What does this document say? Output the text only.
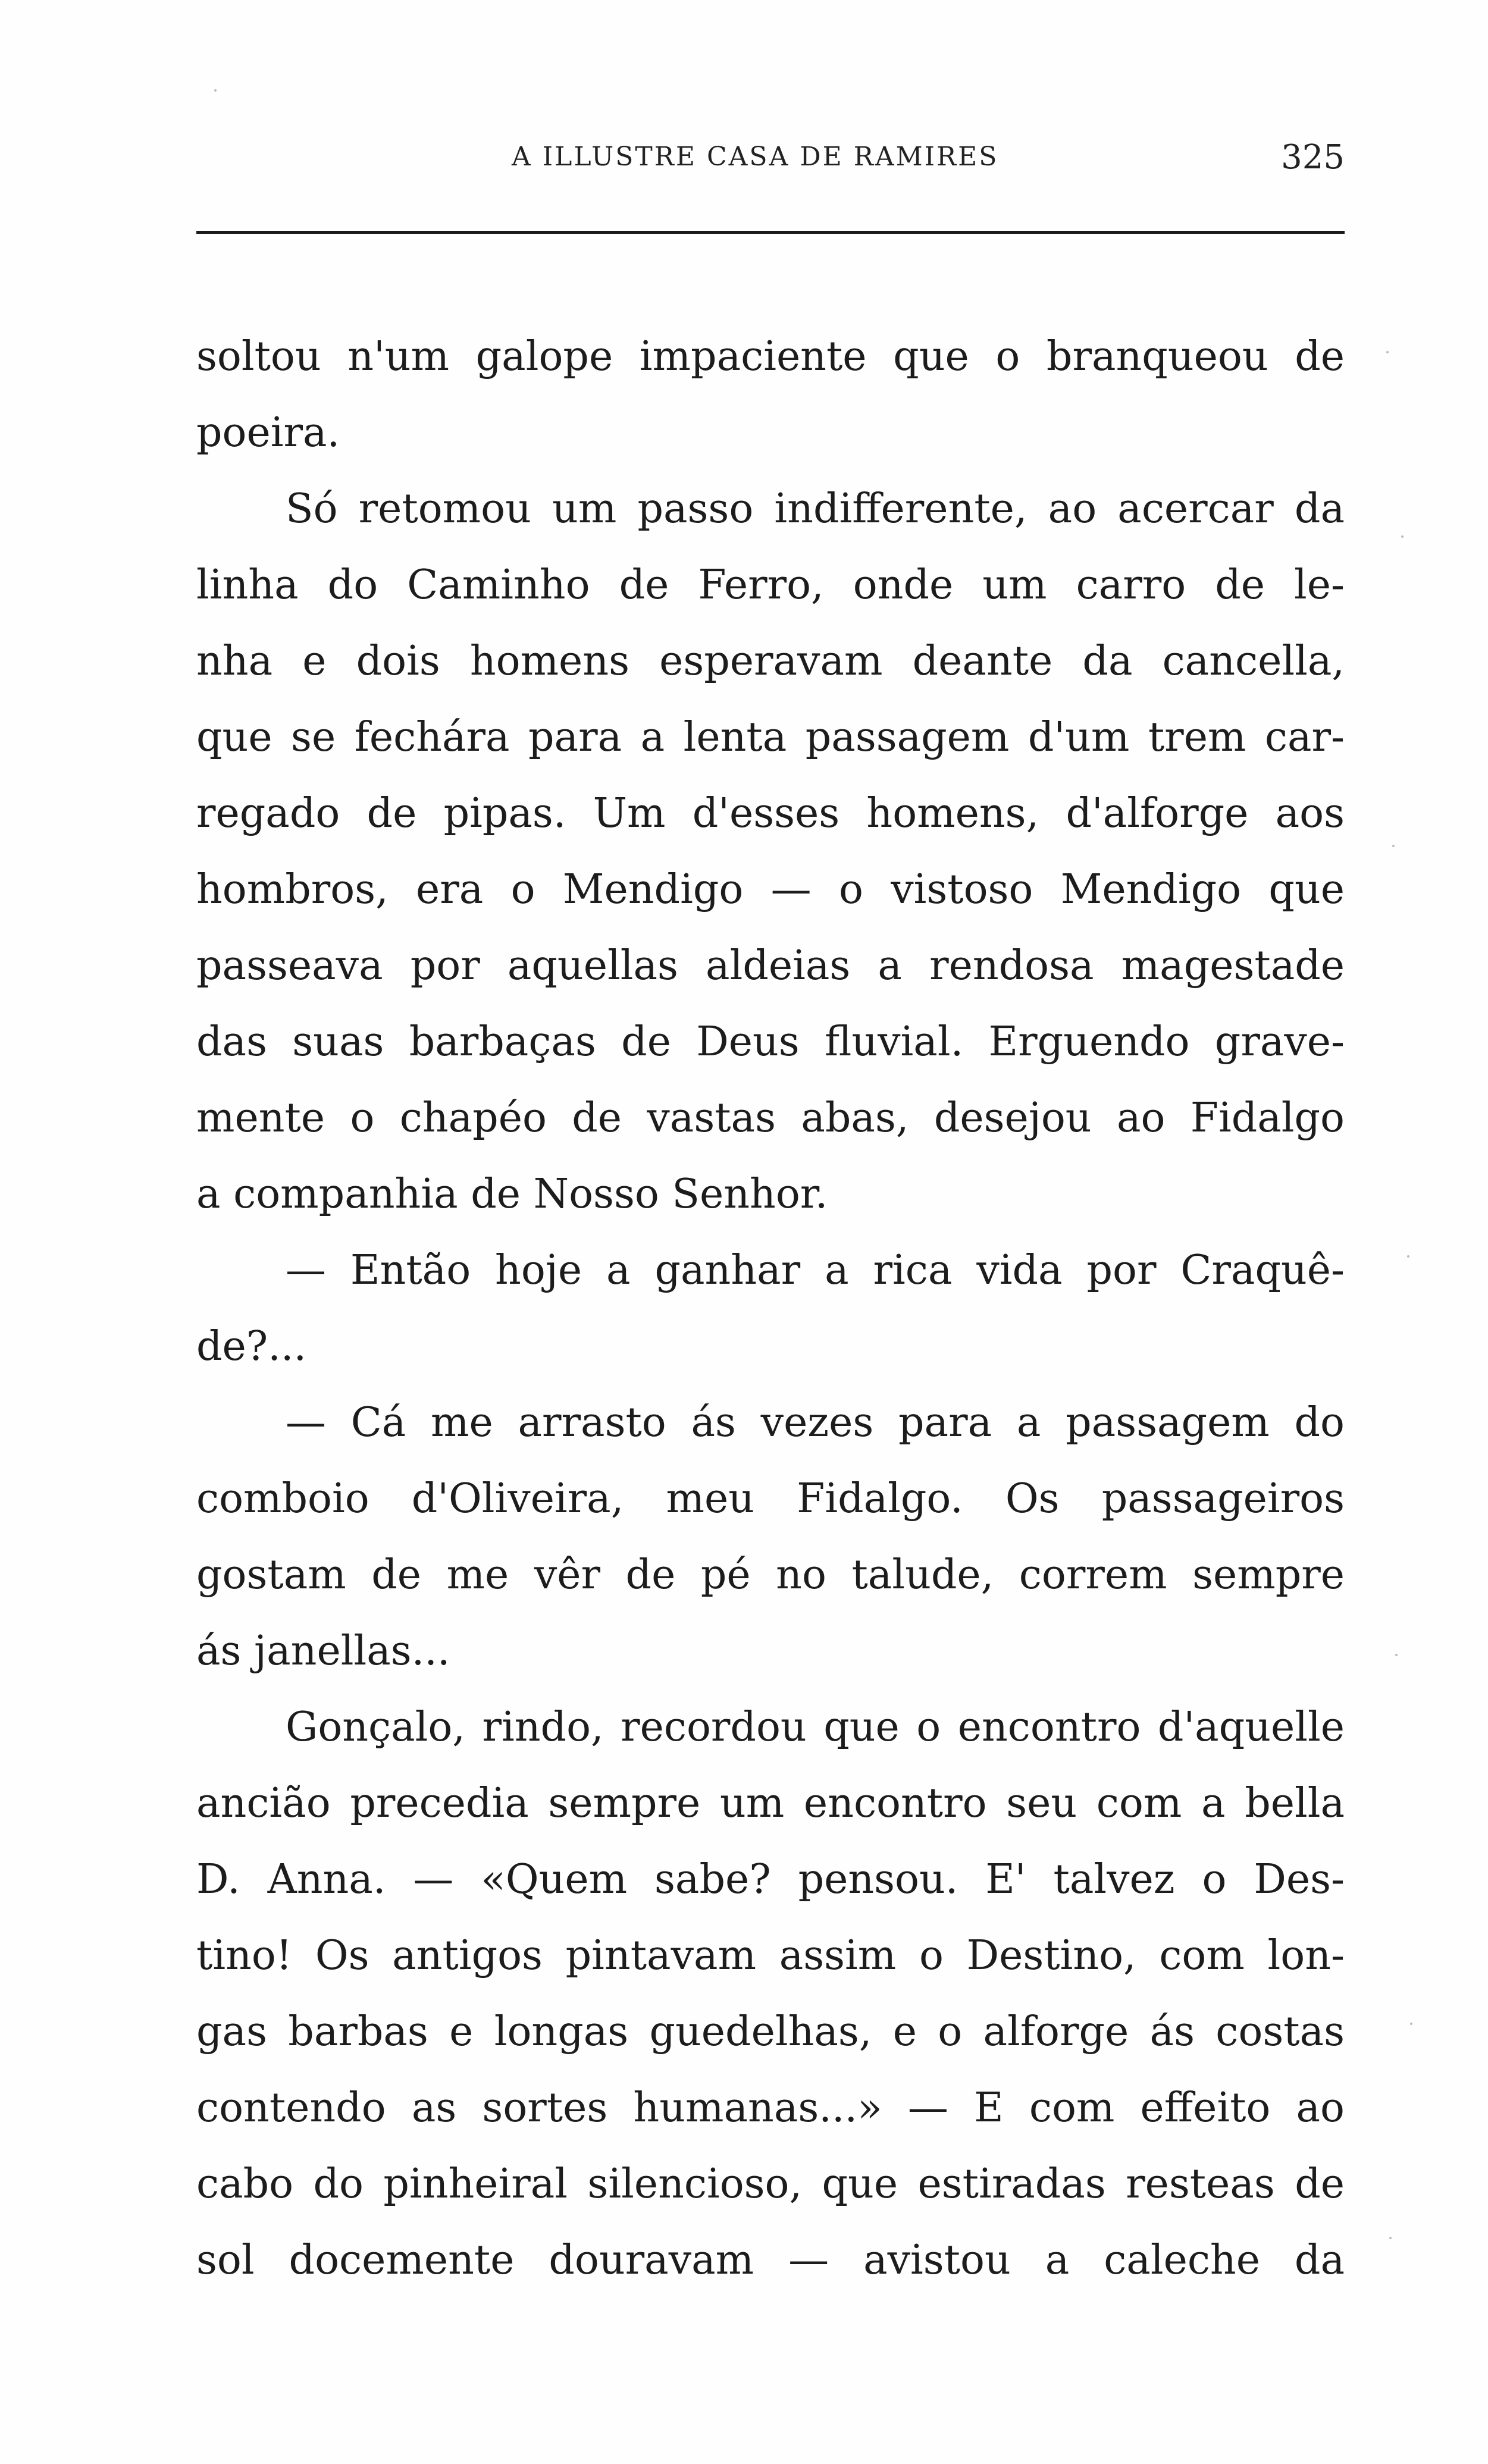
A ILLUSTRE CASA DE RAMIRES	325
soltou n'um galope impaciente que o branqueou de
poeira.
Só retomou um passo indifferente, ao acercar da
linha do Caminho de Ferro, onde um carro de le-
nha e dois homens esperavam deante da cancella,
que se fechára para a lenta passagem d'um trem car-
regado de pipas. Um d'esses homens, d'alforge aos
hombros, era o Mendigo — o vistoso Mendigo que
passeava por aquellas aldeias a rendosa magestade
das suas barbaças de Deus fluvial. Erguendo grave-
mente o chapéo de vastas abas, desejou ao Fidalgo
a companhia de Nosso Senhor.
— Então hoje a ganhar a rica vida por Craquê-
de?...
— Cá me arrasto ás vezes para a passagem do
comboio d'Oliveira, meu Fidalgo. Os passageiros
gostam de me vêr de pé no talude, correm sempre
ás janellas...
Gonçalo, rindo, recordou que o encontro d'aquelle
ancião precedia sempre um encontro seu com a bella
D. Anna. — «Quem sabe? pensou. E' talvez o Des-
tino! Os antigos pintavam assim o Destino, com lon-
gas barbas e longas guedelhas, e o alforge ás costas
contendo as sortes humanas...» — E com effeito ao
cabo do pinheiral silencioso, que estiradas resteas de
sol docemente douravam — avistou a caleche da
